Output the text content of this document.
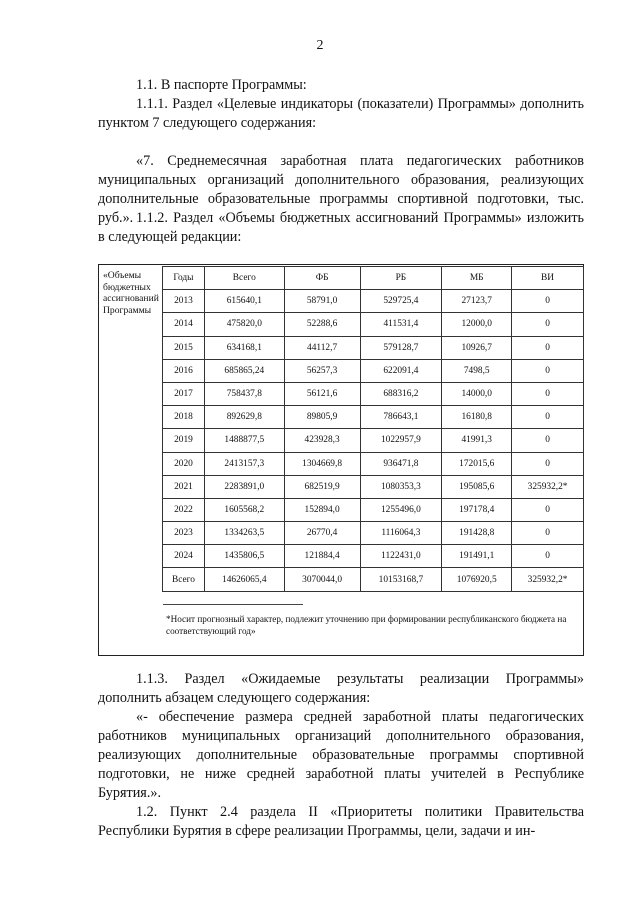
2
1.1. В паспорте Программы:
1.1.1. Раздел «Целевые индикаторы (показатели) Программы» дополнить пунктом 7 следующего содержания:
«7. Среднемесячная заработная плата педагогических работников муниципальных организаций дополнительного образования, реализующих дополнительные образовательные программы спортивной подготовки, тыс. руб.». 1.1.2. Раздел «Объемы бюджетных ассигнований Программы» изложить в следующей редакции:
«Объемы бюджетных ассигнований Программы
Годы	Всего	ФБ	РБ	МБ	ВИ
2013	615640,1	58791,0	529725,4	27123,7	0
2014	475820,0	52288,6	411531,4	12000,0	0
2015	634168,1	44112,7	579128,7	10926,7	0
2016	685865,24	56257,3	622091,4	7498,5	0
2017	758437,8	56121,6	688316,2	14000,0	0
2018	892629,8	89805,9	786643,1	16180,8	0
2019	1488877,5	423928,3	1022957,9	41991,3	0
2020	2413157,3	1304669,8	936471,8	172015,6	0
2021	2283891,0	682519,9	1080353,3	195085,6	325932,2*
2022	1605568,2	152894,0	1255496,0	197178,4	0
2023	1334263,5	26770,4	1116064,3	191428,8	0
2024	1435806,5	121884,4	1122431,0	191491,1	0
Всего	14626065,4	3070044,0	10153168,7	1076920,5	325932,2*
*Носит прогнозный характер, подлежит уточнению при формировании республиканского бюджета на соответствующий год»
1.1.3. Раздел «Ожидаемые результаты реализации Программы» дополнить абзацем следующего содержания:
«- обеспечение размера средней заработной платы педагогических работников муниципальных организаций дополнительного образования, реализующих дополнительные образовательные программы спортивной подготовки, не ниже средней заработной платы учителей в Республике Бурятия.».
1.2. Пункт 2.4 раздела II «Приоритеты политики Правительства Республики Бурятия в сфере реализации Программы, цели, задачи и ин-
